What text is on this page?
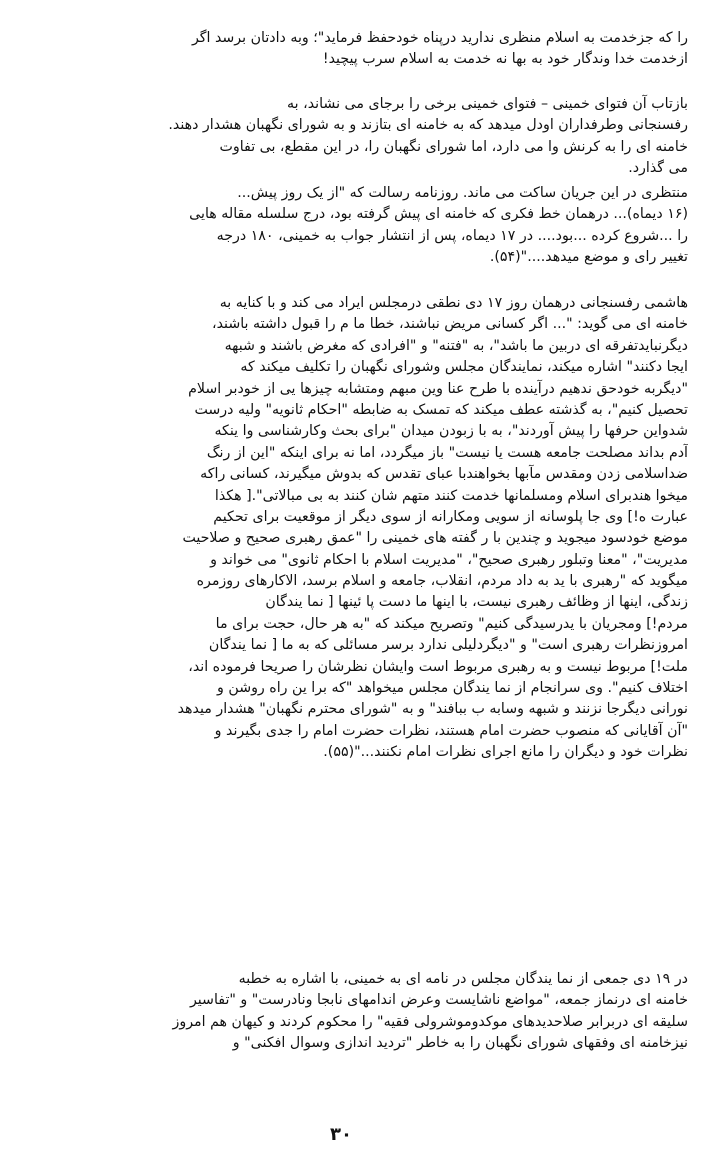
را که جزخدمت به اسلام منظری ندارید درپناه خودحفظ فرماید"؛ وبه دادتان برسد اگر
ازخدمت خدا وندگار خود به بها نه خدمت به اسلام سرب پیچید!
بازتاب آن فتوای خمینی – فتوای خمینی برخی را برجای می نشاند، به
رفسنجانی وطرفداران اودل میدهد که به خامنه ای بتازند و به شورای نگهبان هشدار دهند.
خامنه ای را به کرنش وا می دارد، اما شورای نگهبان را، در این مقطع، بی تفاوت
می گذارد.
منتظری در این جریان ساکت می ماند. روزنامه رسالت که "از یک روز پیش...
(۱۶ دیماه)... درهمان خط فکری که خامنه ای پیش گرفته بود، درج سلسله مقاله هایی
را ...شروع کرده ...بود.... در ۱۷ دیماه، پس از انتشار جواب به خمینی، ۱۸۰ درجه
تغییر رای و موضع میدهد...."(۵۴).
هاشمی رفسنجانی درهمان روز ۱۷ دی نطقی درمجلس ایراد می کند و با کنایه به
خامنه ای می گوید: "... اگر کسانی مریض نباشند، خطا ما م را قبول داشته باشند،
دیگرنبایدتفرقه ای دربین ما باشد"، به "فتنه" و "افرادی که مغرض باشند و شبهه
ایجا دکنند" اشاره میکند، نمایندگان مجلس وشورای نگهبان را تکلیف میکند که
"دیگربه خودحق ندهیم درآینده با طرح عنا وین مبهم ومتشابه چیزها یی از خودبر اسلام
تحصیل کنیم"، به گذشته عطف میکند که تمسک به ضابطه "احکام ثانویه" ولیه درست
شدواین حرفها را پیش آوردند"، به با زبودن میدان "برای بحث وکارشناسی وا ینکه
آدم بداند مصلحت جامعه هست یا نیست" باز میگردد، اما نه برای اینکه "این از رنگ
ضداسلامی زدن ومقدس مآبها بخواهندبا عبای تقدس که بدوش میگیرند، کسانی راکه
میخوا هندبرای اسلام ومسلمانها خدمت کنند متهم شان کنند به بی مبالاتی".[ هکذا
عبارت ه!] وی جا پلوسانه از سویی ومکارانه از سوی دیگر از موقعیت برای تحکیم
موضع خودسود میجوید و چندین با ر گفته های خمینی را "عمق رهبری صحیح و صلاحیت
مدیریت"، "معنا وتبلور رهبری صحیح"، "مدیریت اسلام با احکام ثانوی" می خواند و
میگوید که "رهبری با ید به داد مردم، انقلاب، جامعه و اسلام برسد، الاکارهای روزمره
زندگی، اینها از وظائف رهبری نیست، با اینها ما دست پا ئینها [ نما یندگان
مردم!] ومجریان با یدرسیدگی کنیم" وتصریح میکند که "به هر حال، حجت برای ما
امروزنظرات رهبری است" و "دیگردلیلی ندارد برسر مسائلی که به ما [ نما یندگان
ملت!] مربوط نیست و به رهبری مربوط است وایشان نظرشان را صریحا فرموده اند،
اختلاف کنیم". وی سرانجام از نما یندگان مجلس میخواهد "که برا ین راه روشن و
نورانی دیگرجا نزنند و شبهه وسابه ب ببافند" و به "شورای محترم نگهبان" هشدار میدهد
"آن آقایانی که منصوب حضرت امام هستند، نظرات حضرت امام را جدی بگیرند و
نظرات خود و دیگران را مانع اجرای نظرات امام نکنند..."(۵۵).
در ۱۹ دی جمعی از نما یندگان مجلس در نامه ای به خمینی، با اشاره به خطبه
خامنه ای درنماز جمعه، "مواضع ناشایست وعرض اندامهای نابجا ونادرست" و "تفاسیر
سلیقه ای دربرابر صلاحدیدهای موکدوموشرولی فقیه" را محکوم کردند و کیهان هم امروز
نیزخامنه ای وفقهای شورای نگهبان را به خاطر "تردید اندازی وسوال افکنی" و
۳۰
